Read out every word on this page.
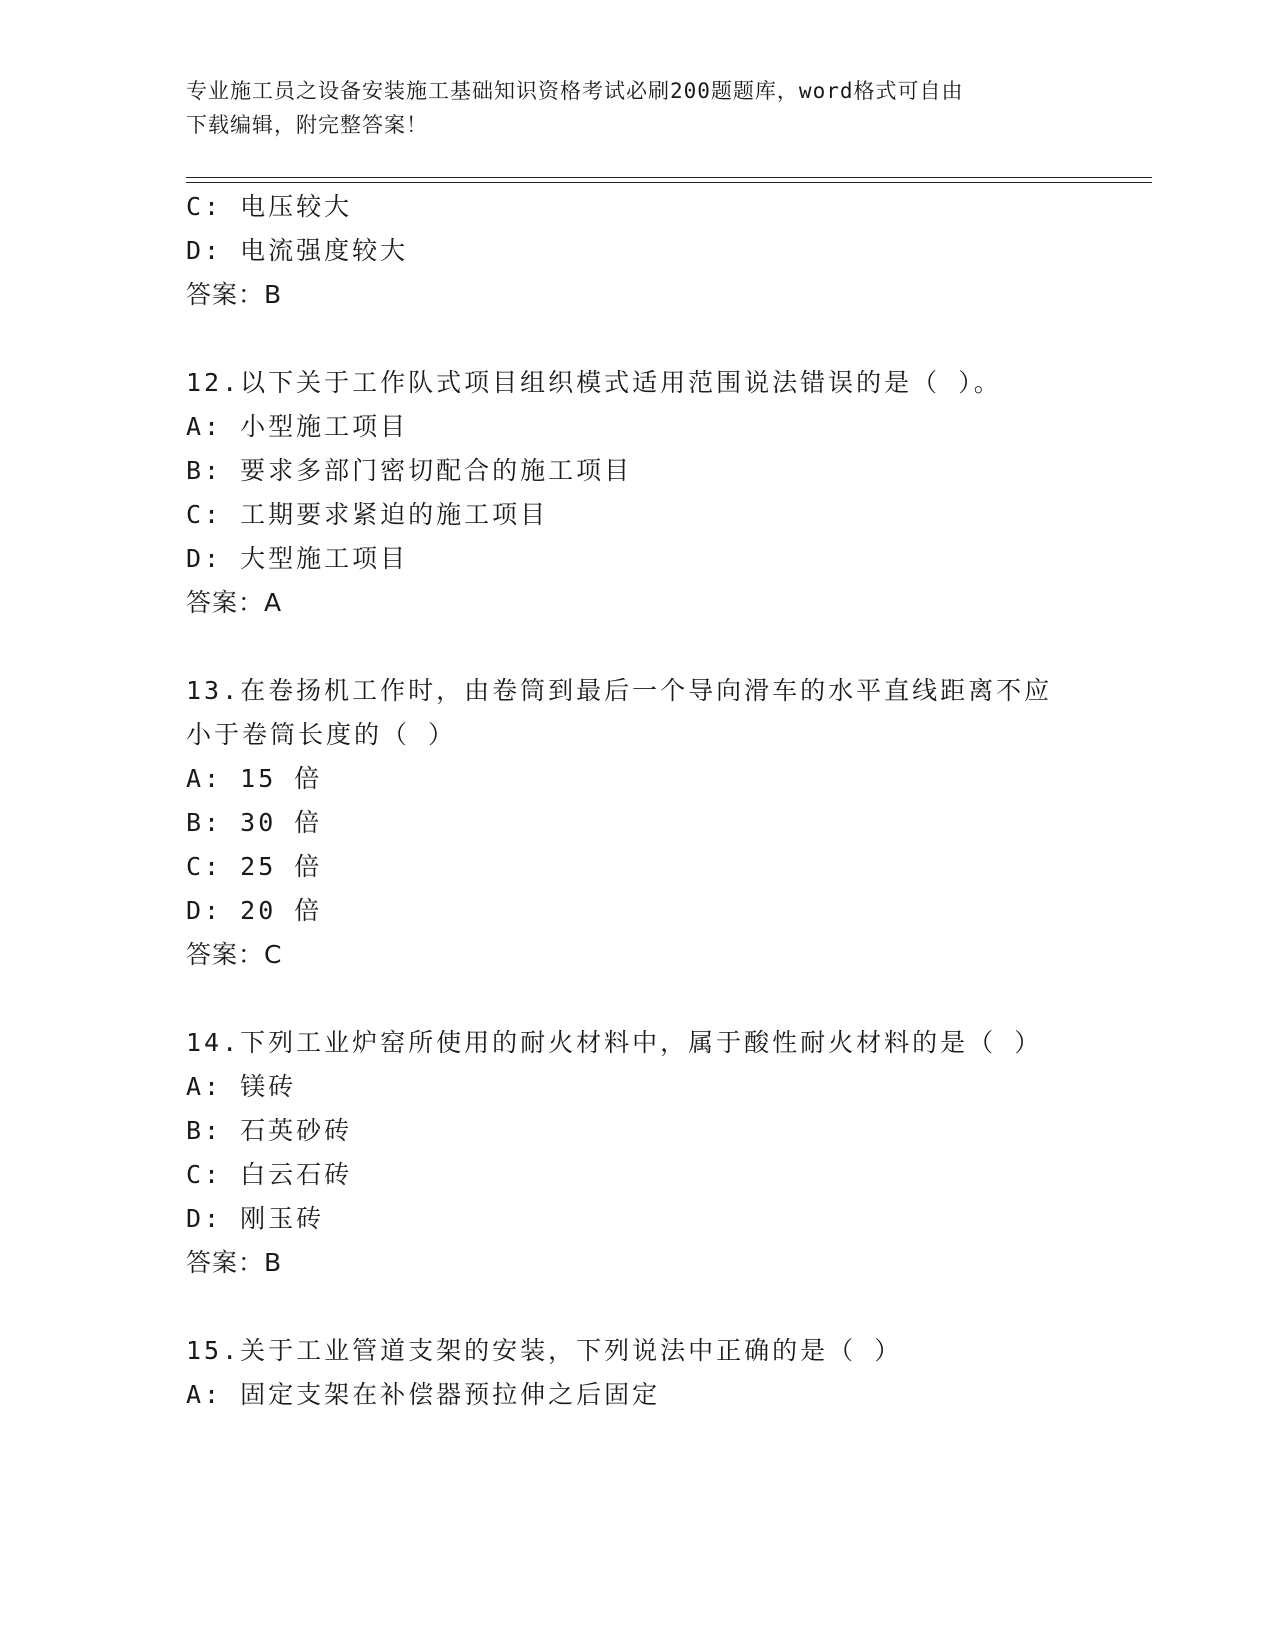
专业施工员之设备安装施工基础知识资格考试必刷200题题库，word格式可自由
下载编辑，附完整答案！
C: 电压较大
D: 电流强度较大
答案：B
12.以下关于工作队式项目组织模式适用范围说法错误的是（ ）。
A: 小型施工项目
B: 要求多部门密切配合的施工项目
C: 工期要求紧迫的施工项目
D: 大型施工项目
答案：A
13.在卷扬机工作时，由卷筒到最后一个导向滑车的水平直线距离不应
小于卷筒长度的（ ）
A: 15 倍
B: 30 倍
C: 25 倍
D: 20 倍
答案：C
14.下列工业炉窑所使用的耐火材料中，属于酸性耐火材料的是（ ）
A: 镁砖
B: 石英砂砖
C: 白云石砖
D: 刚玉砖
答案：B
15.关于工业管道支架的安装，下列说法中正确的是（ ）
A: 固定支架在补偿器预拉伸之后固定
